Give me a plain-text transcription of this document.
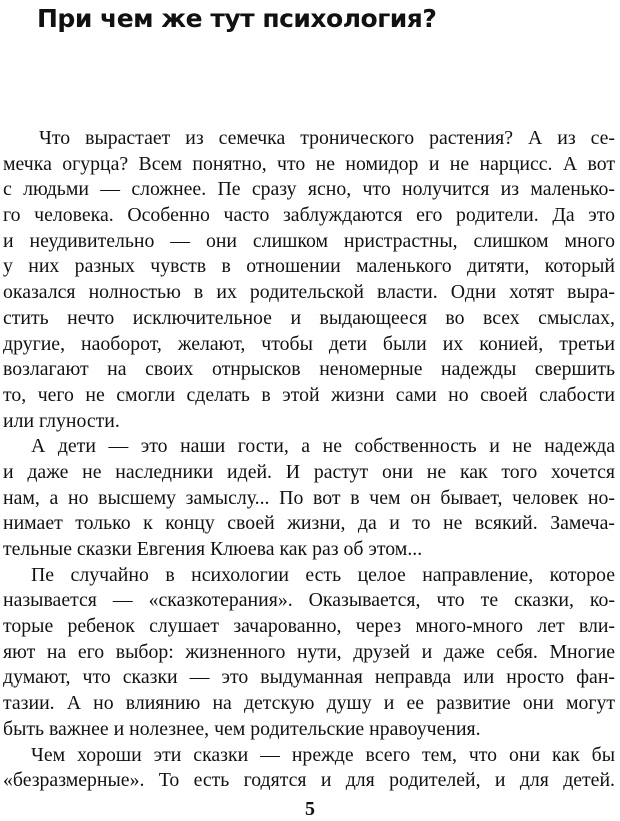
При чем же тут психология?

Что вырастает из семечка тронического растения? А из се-
мечка огурца? Всем понятно, что не номидор и не нарцисс. А вот
с людьми — сложнее. Пе сразу ясно, что нолучится из маленько-
го человека. Особенно часто заблуждаются его родители. Да это
и неудивительно — они слишком нристрастны, слишком много
у них разных чувств в отношении маленького дитяти, который
оказался нолностью в их родительской власти. Одни хотят выра-
стить нечто исключительное и выдающееся во всех смыслах,
другие, наоборот, желают, чтобы дети были их конией, третьи
возлагают на своих отнрысков неномерные надежды свершить
то, чего не смогли сделать в этой жизни сами но своей слабости
или глуности.

А дети — это наши гости, а не собственность и не надежда
и даже не наследники идей. И растут они не как того хочется
нам, а но высшему замыслу... По вот в чем он бывает, человек но-
нимает только к концу своей жизни, да и то не всякий. Замеча-
тельные сказки Евгения Клюева как раз об этом...

Пе случайно в нсихологии есть целое направление, которое
называется — «сказкотерания». Оказывается, что те сказки, ко-
торые ребенок слушает зачарованно, через много-много лет вли-
яют на его выбор: жизненного нути, друзей и даже себя. Многие
думают, что сказки — это выдуманная неправда или нросто фан-
тазии. А но влиянию на детскую душу и ее развитие они могут
быть важнее и нолезнее, чем родительские нравоучения.

Чем хороши эти сказки — нрежде всего тем, что они как бы
«безразмерные». То есть годятся и для родителей, и для детей.

5
